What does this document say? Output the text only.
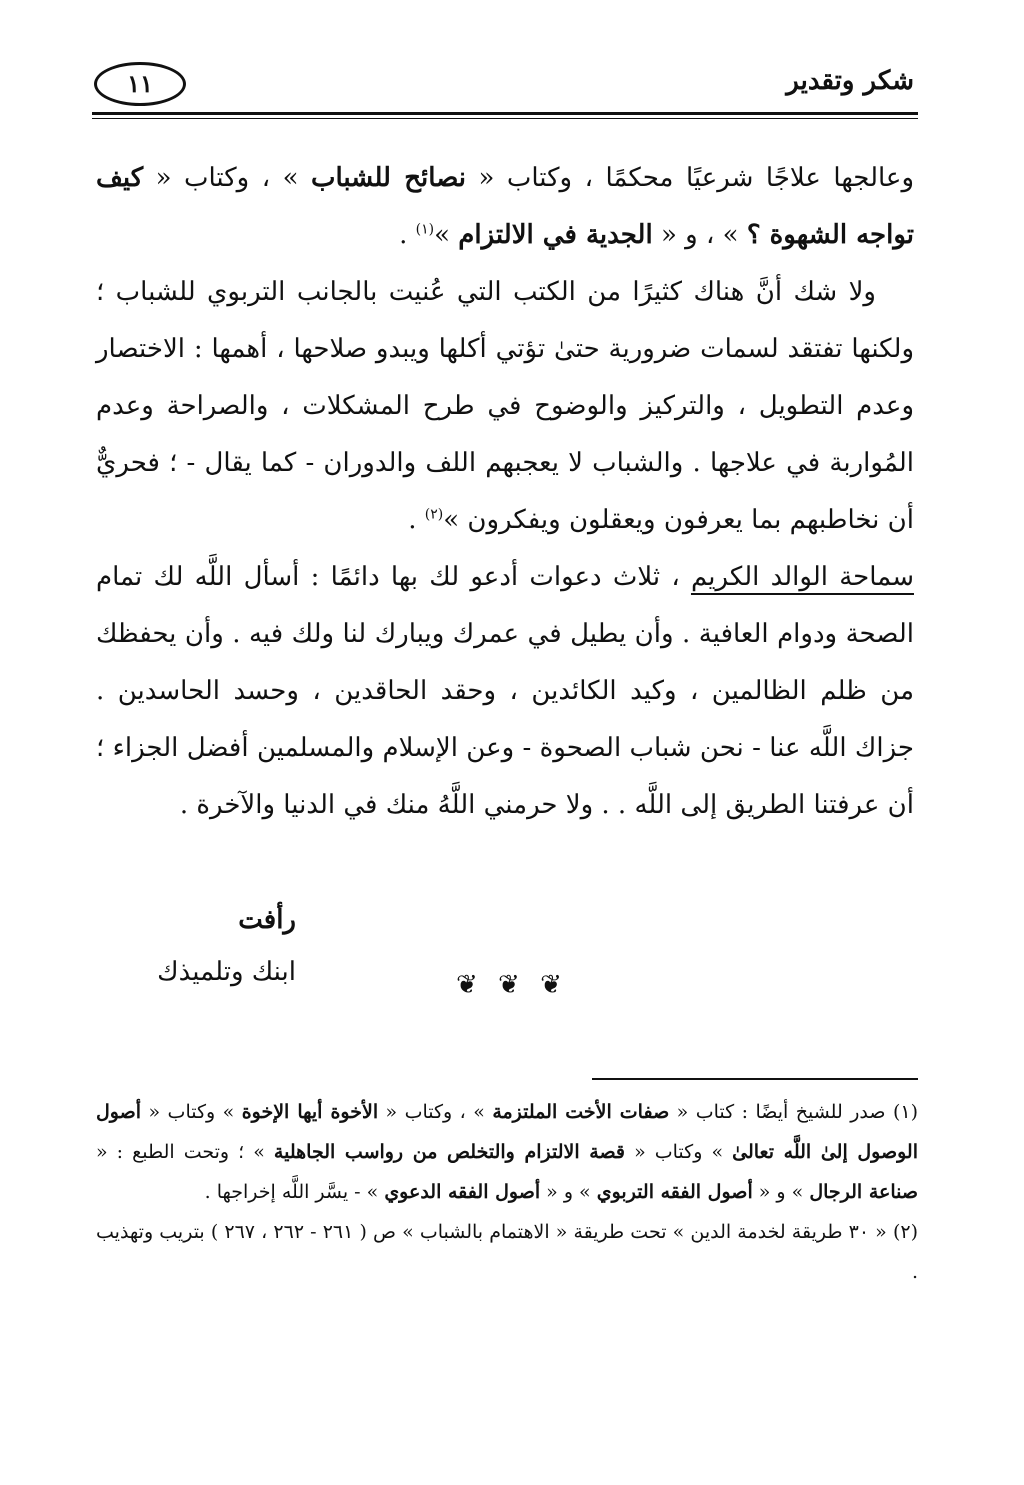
شكر وتقدير
١١

وعالجها علاجًا شرعيًا محكمًا ، وكتاب « نصائح للشباب » ، وكتاب « كيف تواجه الشهوة ؟ » ، و « الجدية في الالتزام »$^{(١)}$ .

ولا شك أنَّ هناك كثيرًا من الكتب التي عُنيت بالجانب التربوي للشباب ؛ ولكنها تفتقد لسمات ضرورية حتىٰ تؤتي أكلها ويبدو صلاحها ، أهمها : الاختصار وعدم التطويل ، والتركيز والوضوح في طرح المشكلات ، والصراحة وعدم المُواربة في علاجها . والشباب لا يعجبهم اللف والدوران - كما يقال - ؛ فحريٌّ أن نخاطبهم بما يعرفون ويعقلون ويفكرون »$^{(٢)}$ .

سماحة الوالد الكريم ، ثلاث دعوات أدعو لك بها دائمًا : أسأل اللَّه لك تمام الصحة ودوام العافية . وأن يطيل في عمرك ويبارك لنا ولك فيه . وأن يحفظك من ظلم الظالمين ، وكيد الكائدين ، وحقد الحاقدين ، وحسد الحاسدين . جزاك اللَّه عنا - نحن شباب الصحوة - وعن الإسلام والمسلمين أفضل الجزاء ؛ أن عرفتنا الطريق إلى اللَّه . . ولا حرمني اللَّهُ منك في الدنيا والآخرة .

رأفت
ابنك وتلميذك	❦ ❦ ❦

(١) صدر للشيخ أيضًا : كتاب « صفات الأخت الملتزمة » ، وكتاب « الأخوة أيها الإخوة » وكتاب « أصول الوصول إلىٰ اللَّه تعالىٰ » وكتاب « قصة الالتزام والتخلص من رواسب الجاهلية » ؛ وتحت الطبع : « صناعة الرجال » و « أصول الفقه التربوي » و « أصول الفقه الدعوي » - يسَّر اللَّه إخراجها .

(٢) « ٣٠ طريقة لخدمة الدين » تحت طريقة « الاهتمام بالشباب » ص ( ٢٦١ - ٢٦٢ ، ٢٦٧ ) بتريب وتهذيب .
